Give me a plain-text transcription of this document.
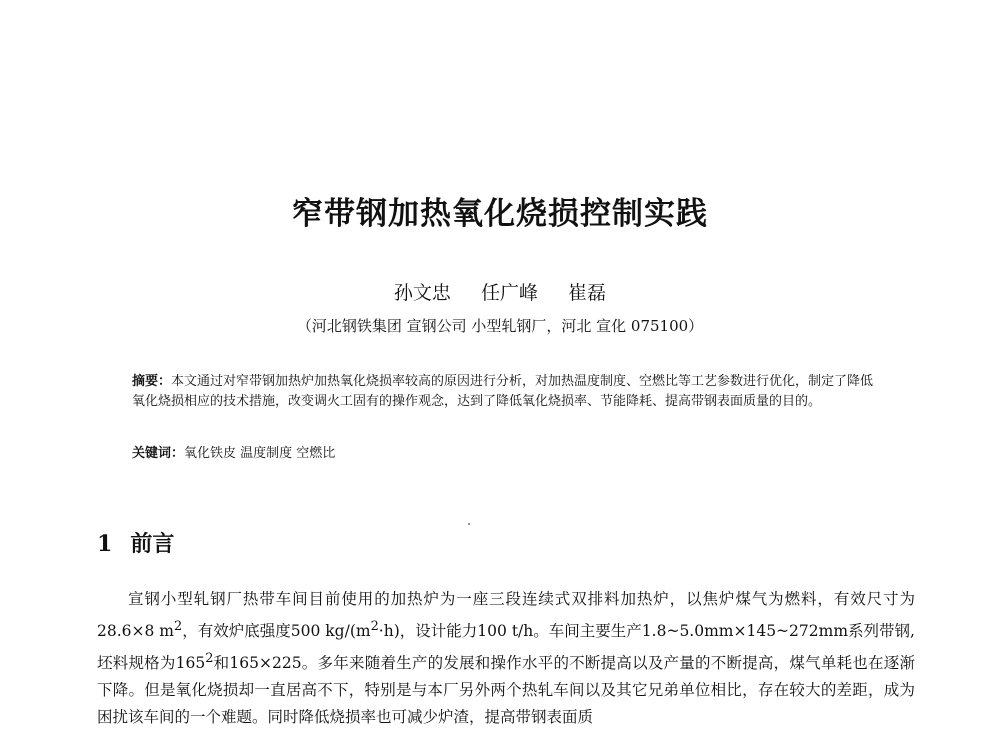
窄带钢加热氧化烧损控制实践
孙文忠 任广峰 崔磊
（河北钢铁集团 宣钢公司 小型轧钢厂，河北 宣化 075100）
摘要：本文通过对窄带钢加热炉加热氧化烧损率较高的原因进行分析，对加热温度制度、空燃比等工艺参数进行优化，制定了降低氧化烧损相应的技术措施，改变调火工固有的操作观念，达到了降低氧化烧损率、节能降耗、提高带钢表面质量的目的。
关键词：氧化铁皮 温度制度 空燃比
1 前言

宣钢小型轧钢厂热带车间目前使用的加热炉为一座三段连续式双排料加热炉，以焦炉煤气为燃料，有效尺寸为28.6×8 $m^2$，有效炉底强度500 $kg/(m^2\cdot h)$，设计能力100 t/h。车间主要生产1.8~5.0mm×145~272mm系列带钢,坯料规格为$165^2$和165×225。多年来随着生产的发展和操作水平的不断提高以及产量的不断提高，煤气单耗也在逐渐下降。但是氧化烧损却一直居高不下，特别是与本厂另外两个热轧车间以及其它兄弟单位相比，存在较大的差距，成为困扰该车间的一个难题。同时降低烧损率也可减少炉渣，提高带钢表面质
